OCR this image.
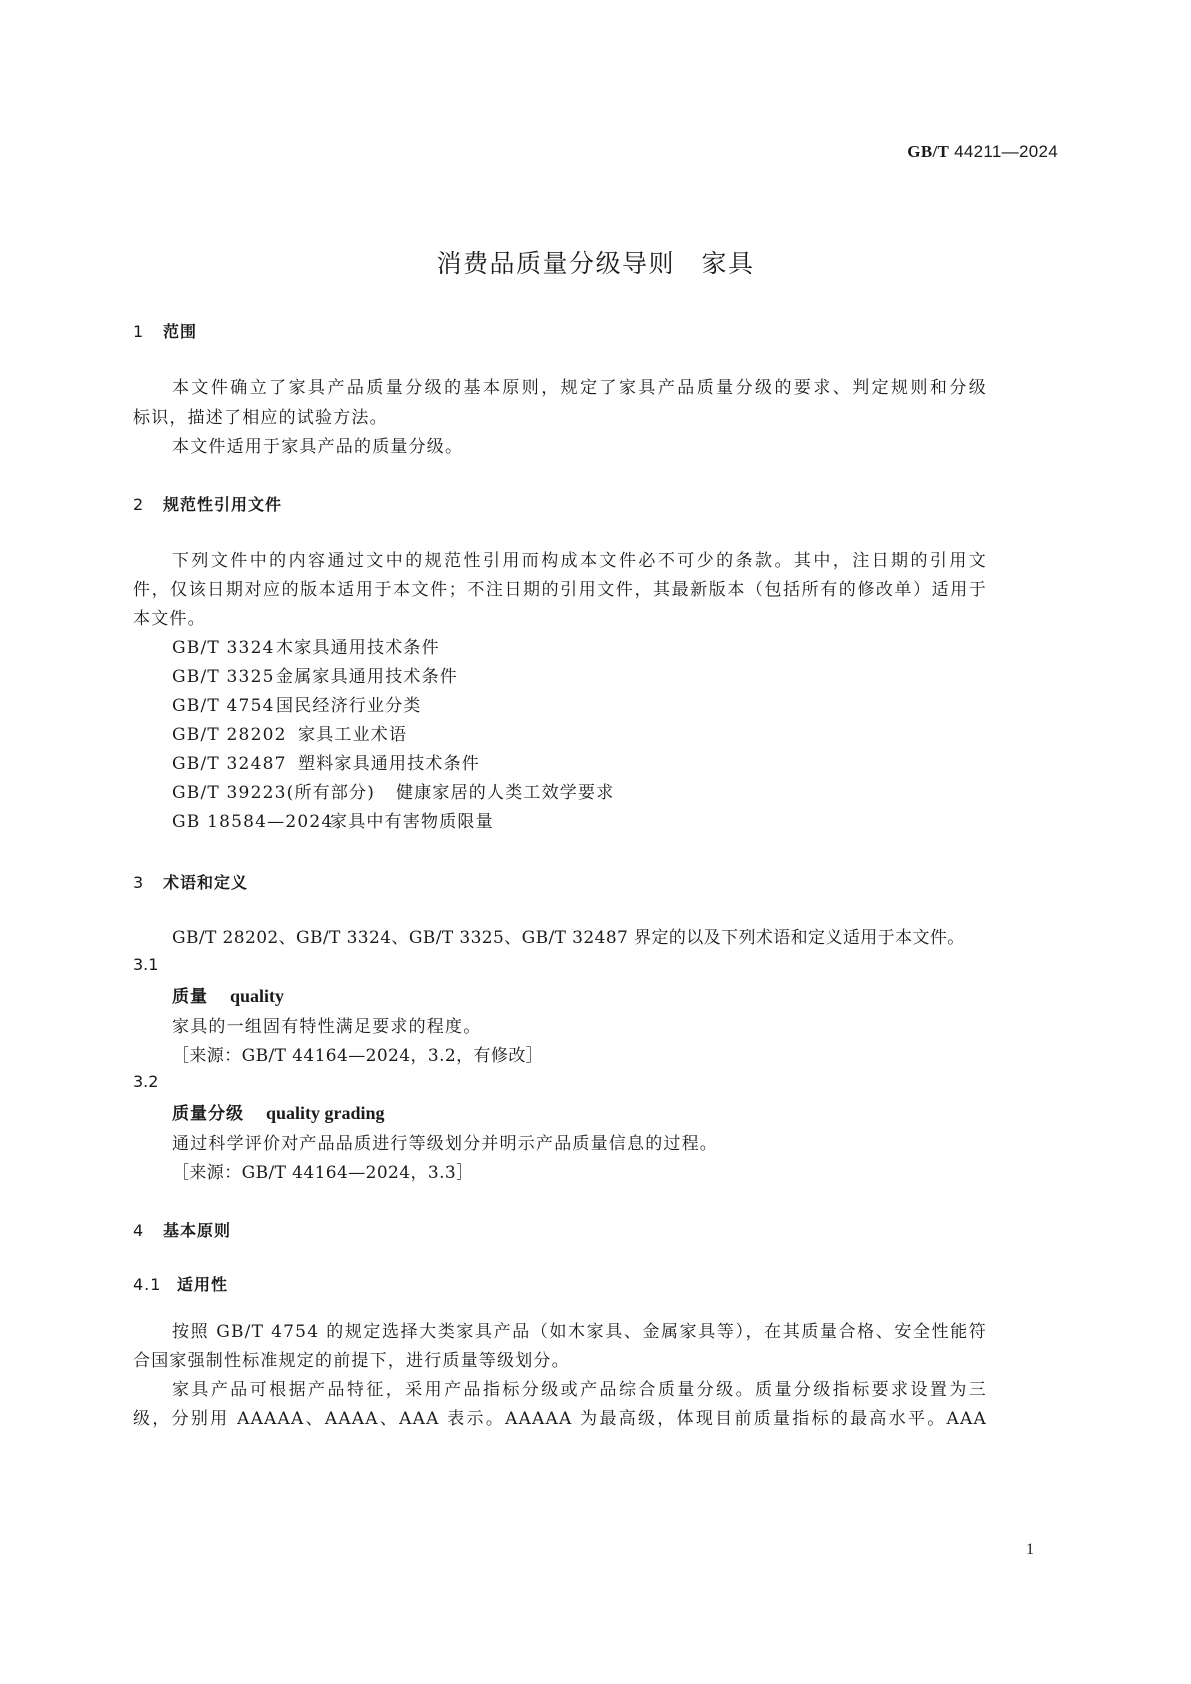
GB/T 44211—2024
消费品质量分级导则　家具
1 范围
本文件确立了家具产品质量分级的基本原则，规定了家具产品质量分级的要求、判定规则和分级
标识，描述了相应的试验方法。
本文件适用于家具产品的质量分级。
2 规范性引用文件
下列文件中的内容通过文中的规范性引用而构成本文件必不可少的条款。其中，注日期的引用文
件，仅该日期对应的版本适用于本文件；不注日期的引用文件，其最新版本（包括所有的修改单）适用于
本文件。
GB/T 3324木家具通用技术条件
GB/T 3325金属家具通用技术条件
GB/T 4754国民经济行业分类
GB/T 28202 家具工业术语
GB/T 32487 塑料家具通用技术条件
GB/T 39223(所有部分) 健康家居的人类工效学要求
GB 18584—2024家具中有害物质限量
3 术语和定义
GB/T 28202、GB/T 3324、GB/T 3325、GB/T 32487 界定的以及下列术语和定义适用于本文件。
3.1
质量 quality
家具的一组固有特性满足要求的程度。
［来源：GB/T 44164—2024，3.2，有修改］
3.2
质量分级 quality grading
通过科学评价对产品品质进行等级划分并明示产品质量信息的过程。
［来源：GB/T 44164—2024，3.3］
4 基本原则
4.1 适用性
按照 GB/T 4754 的规定选择大类家具产品（如木家具、金属家具等），在其质量合格、安全性能符
合国家强制性标准规定的前提下，进行质量等级划分。
家具产品可根据产品特征，采用产品指标分级或产品综合质量分级。质量分级指标要求设置为三
级，分别用 AAAAA、AAAA、AAA 表示。AAAAA 为最高级，体现目前质量指标的最高水平。AAA
1
